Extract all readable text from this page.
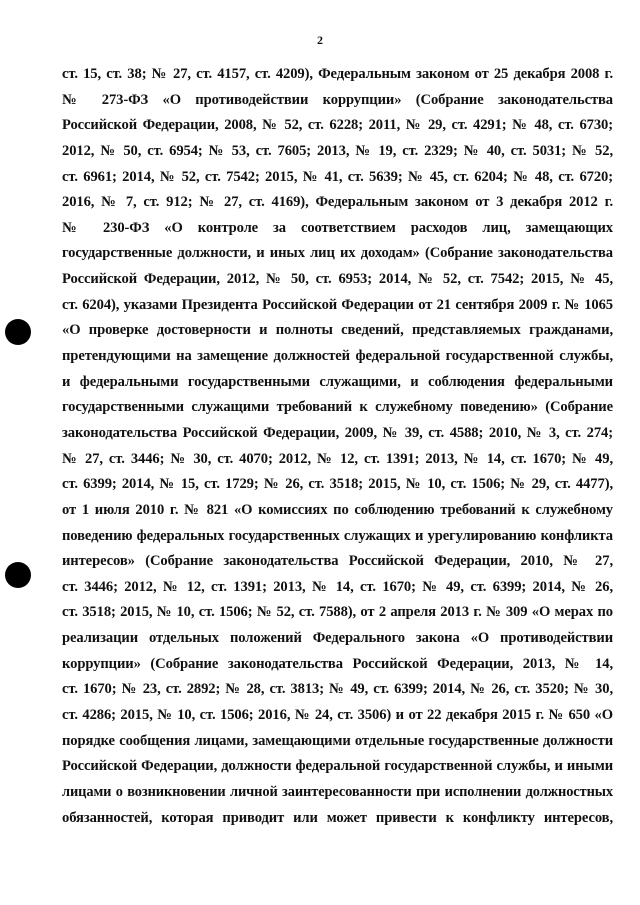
2
ст. 15, ст. 38; № 27, ст. 4157, ст. 4209), Федеральным законом от 25 декабря 2008 г.
№ 273-ФЗ «О противодействии коррупции» (Собрание законодательства
Российской Федерации, 2008, № 52, ст. 6228; 2011, № 29, ст. 4291; № 48, ст. 6730;
2012, № 50, ст. 6954; № 53, ст. 7605; 2013, № 19, ст. 2329; № 40, ст. 5031; № 52,
ст. 6961; 2014, № 52, ст. 7542; 2015, № 41, ст. 5639; № 45, ст. 6204; № 48, ст. 6720;
2016, № 7, ст. 912; № 27, ст. 4169), Федеральным законом от 3 декабря 2012 г.
№ 230-ФЗ «О контроле за соответствием расходов лиц, замещающих
государственные должности, и иных лиц их доходам» (Собрание законодательства
Российской Федерации, 2012, № 50, ст. 6953; 2014, № 52, ст. 7542; 2015, № 45,
ст. 6204), указами Президента Российской Федерации от 21 сентября 2009 г. № 1065
«О проверке достоверности и полноты сведений, представляемых гражданами,
претендующими на замещение должностей федеральной государственной службы,
и федеральными государственными служащими, и соблюдения федеральными
государственными служащими требований к служебному поведению» (Собрание
законодательства Российской Федерации, 2009, № 39, ст. 4588; 2010, № 3, ст. 274;
№ 27, ст. 3446; № 30, ст. 4070; 2012, № 12, ст. 1391; 2013, № 14, ст. 1670; № 49,
ст. 6399; 2014, № 15, ст. 1729; № 26, ст. 3518; 2015, № 10, ст. 1506; № 29, ст. 4477),
от 1 июля 2010 г. № 821 «О комиссиях по соблюдению требований к служебному
поведению федеральных государственных служащих и урегулированию конфликта
интересов» (Собрание законодательства Российской Федерации, 2010, № 27,
ст. 3446; 2012, № 12, ст. 1391; 2013, № 14, ст. 1670; № 49, ст. 6399; 2014, № 26,
ст. 3518; 2015, № 10, ст. 1506; № 52, ст. 7588), от 2 апреля 2013 г. № 309 «О мерах по
реализации отдельных положений Федерального закона «О противодействии
коррупции» (Собрание законодательства Российской Федерации, 2013, № 14,
ст. 1670; № 23, ст. 2892; № 28, ст. 3813; № 49, ст. 6399; 2014, № 26, ст. 3520; № 30,
ст. 4286; 2015, № 10, ст. 1506; 2016, № 24, ст. 3506) и от 22 декабря 2015 г. № 650 «О
порядке сообщения лицами, замещающими отдельные государственные должности
Российской Федерации, должности федеральной государственной службы, и иными
лицами о возникновении личной заинтересованности при исполнении должностных
обязанностей, которая приводит или может привести к конфликту интересов,
